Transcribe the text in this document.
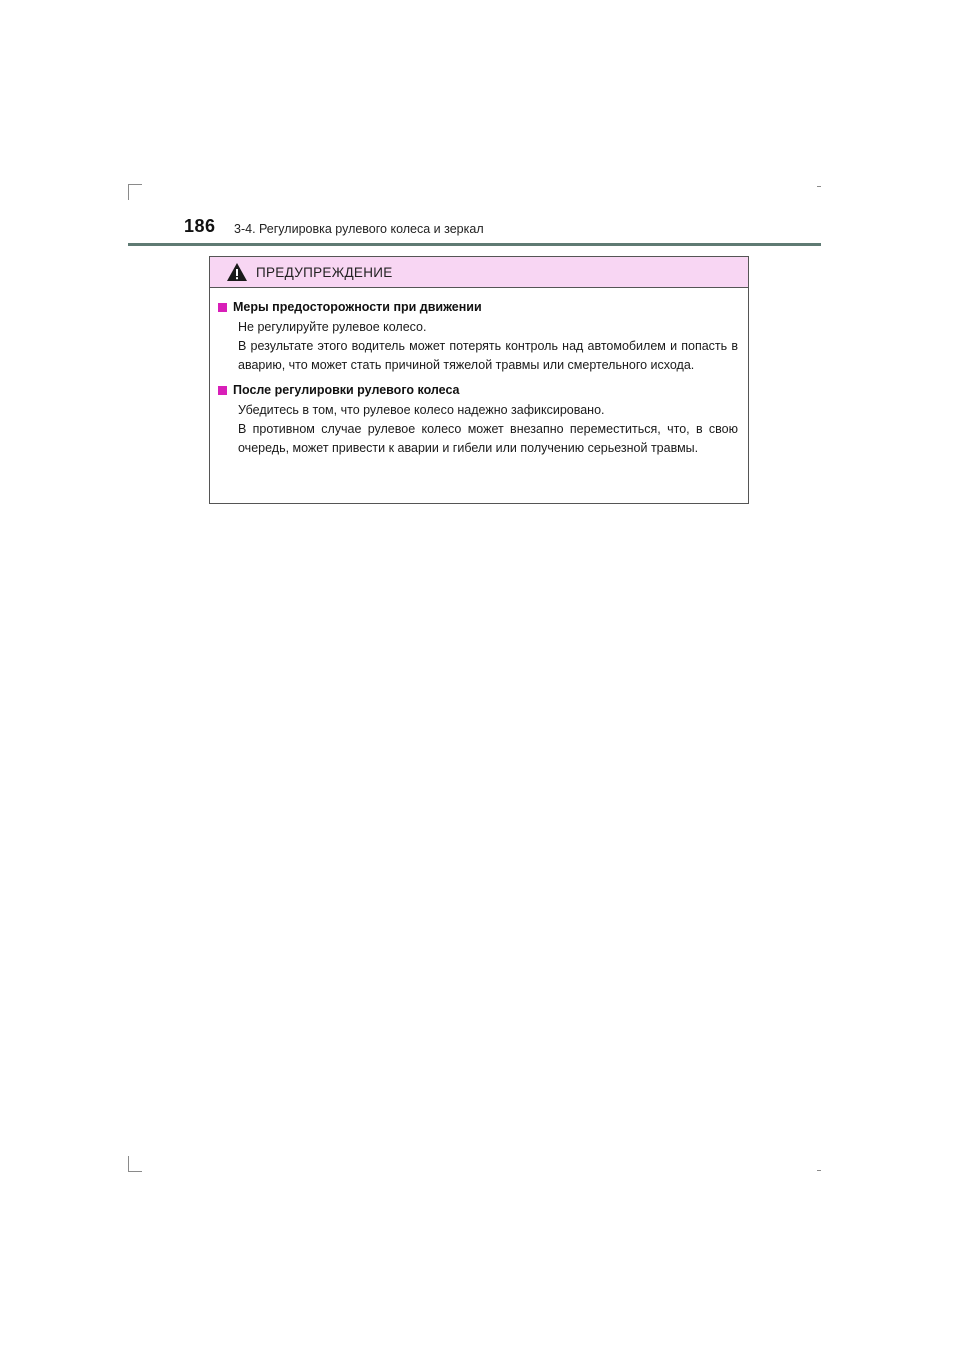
186 3-4. Регулировка рулевого колеса и зеркал
ПРЕДУПРЕЖДЕНИЕ
Меры предосторожности при движении

Не регулируйте рулевое колесо.

В результате этого водитель может потерять контроль над автомобилем и попасть в аварию, что может стать причиной тяжелой травмы или смертельного исхода.

После регулировки рулевого колеса

Убедитесь в том, что рулевое колесо надежно зафиксировано.

В противном случае рулевое колесо может внезапно переместиться, что, в свою очередь, может привести к аварии и гибели или получению серьезной травмы.
